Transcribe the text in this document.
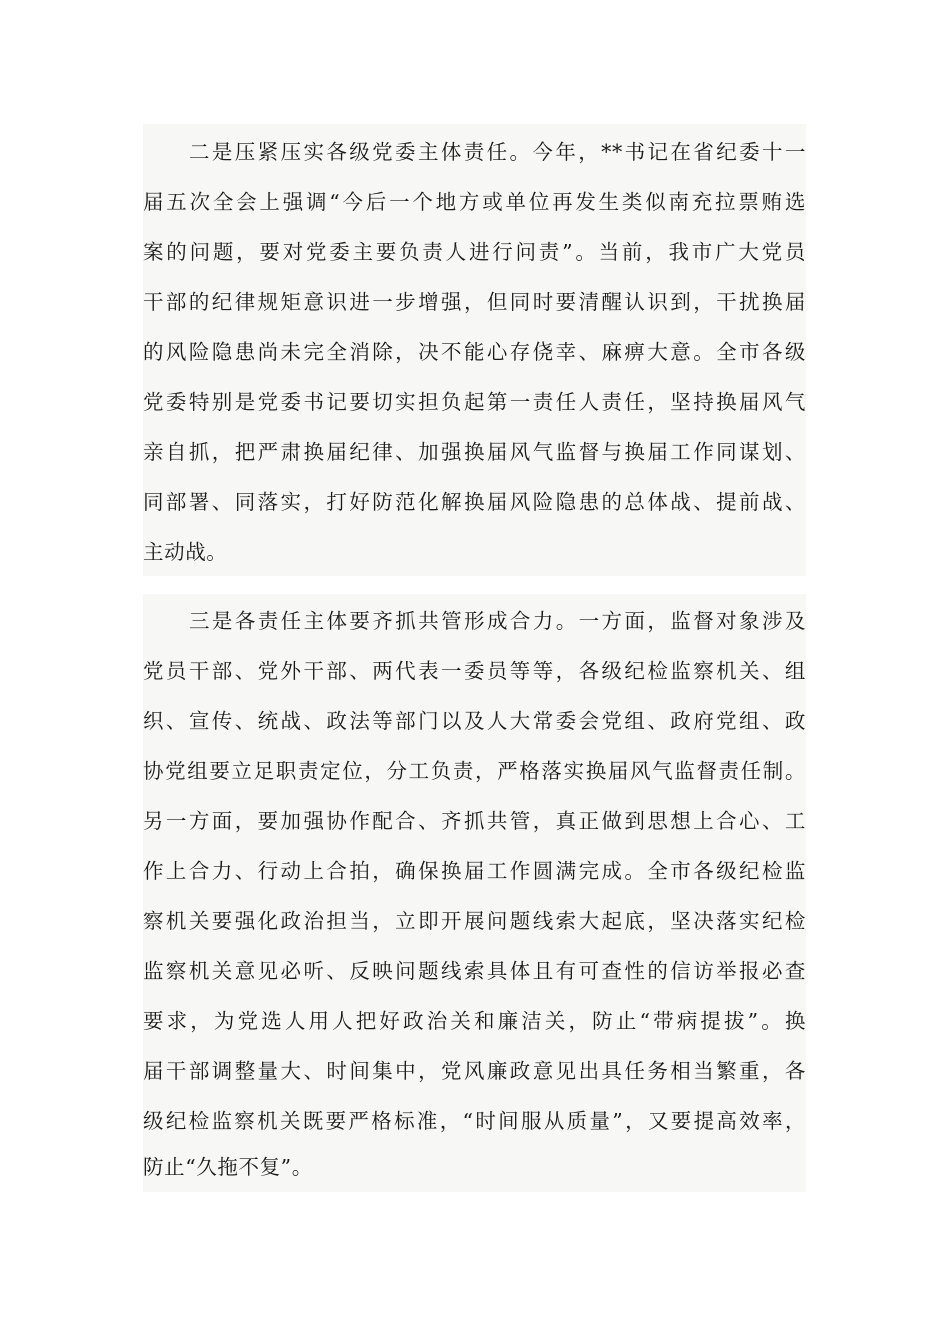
二是压紧压实各级党委主体责任。今年，**书记在省纪委十一
届五次全会上强调“今后一个地方或单位再发生类似南充拉票贿选
案的问题，要对党委主要负责人进行问责”。当前，我市广大党员
干部的纪律规矩意识进一步增强，但同时要清醒认识到，干扰换届
的风险隐患尚未完全消除，决不能心存侥幸、麻痹大意。全市各级
党委特别是党委书记要切实担负起第一责任人责任，坚持换届风气
亲自抓，把严肃换届纪律、加强换届风气监督与换届工作同谋划、
同部署、同落实，打好防范化解换届风险隐患的总体战、提前战、
主动战。
三是各责任主体要齐抓共管形成合力。一方面，监督对象涉及
党员干部、党外干部、两代表一委员等等，各级纪检监察机关、组
织、宣传、统战、政法等部门以及人大常委会党组、政府党组、政
协党组要立足职责定位，分工负责，严格落实换届风气监督责任制。
另一方面，要加强协作配合、齐抓共管，真正做到思想上合心、工
作上合力、行动上合拍，确保换届工作圆满完成。全市各级纪检监
察机关要强化政治担当，立即开展问题线索大起底，坚决落实纪检
监察机关意见必听、反映问题线索具体且有可查性的信访举报必查
要求，为党选人用人把好政治关和廉洁关，防止“带病提拔”。换
届干部调整量大、时间集中，党风廉政意见出具任务相当繁重，各
级纪检监察机关既要严格标准，“时间服从质量”，又要提高效率，
防止“久拖不复”。
